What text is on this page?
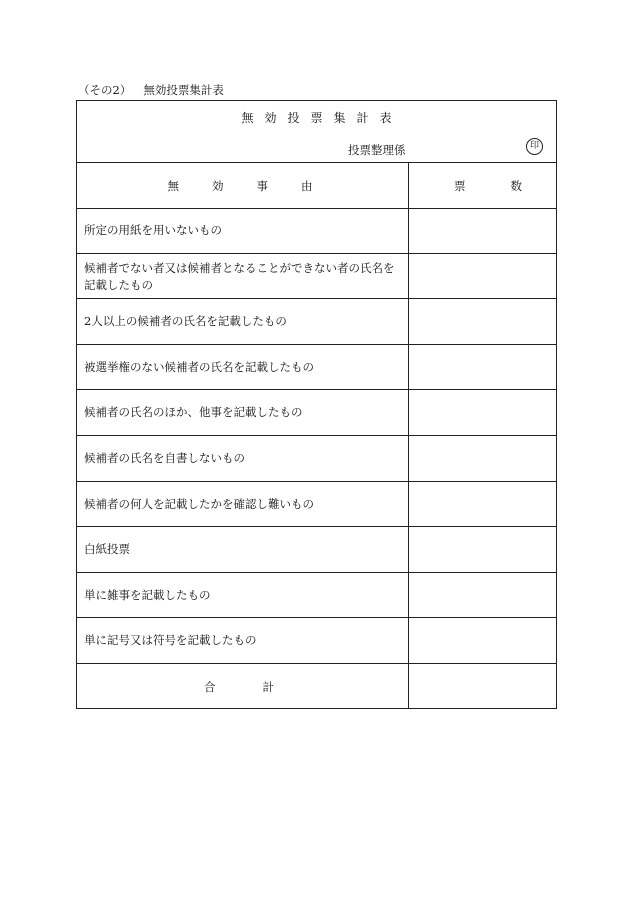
（その2） 無効投票集計表
無効投票集計表
投票整理係	印
無効事由	票数
所定の用紙を用いないもの
候補者でない者又は候補者となることができない者の氏名を記載したもの
2人以上の候補者の氏名を記載したもの
被選挙権のない候補者の氏名を記載したもの
候補者の氏名のほか、他事を記載したもの
候補者の氏名を自書しないもの
候補者の何人を記載したかを確認し難いもの
白紙投票
単に雑事を記載したもの
単に記号又は符号を記載したもの
合計
